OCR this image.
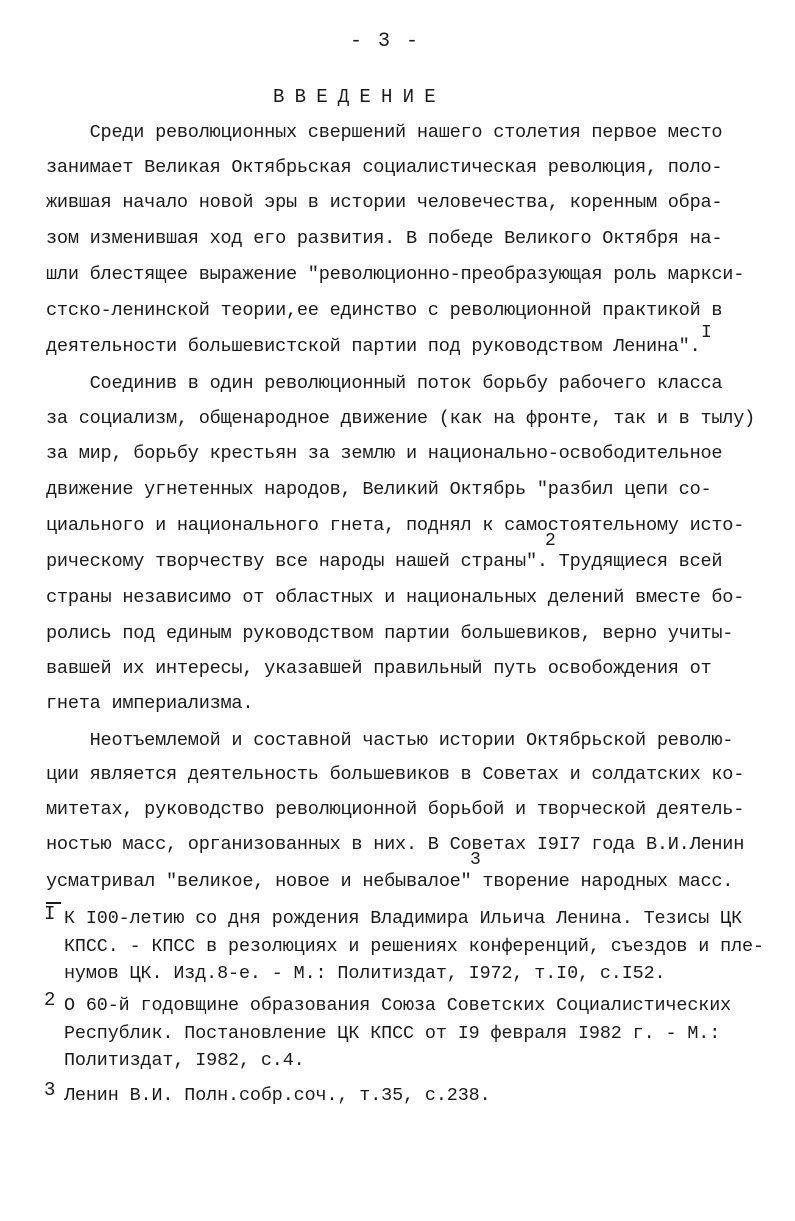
- 3 -
ВВЕДЕНИЕ
Среди революционных свершений нашего столетия первое место
занимает Великая Октябрьская социалистическая революция, поло-
жившая начало новой эры в истории человечества, коренным обра-
зом изменившая ход его развития. В победе Великого Октября на-
шли блестящее выражение "революционно-преобразующая роль маркси-
стско-ленинской теории,ее единство с революционной практикой в
деятельности большевистской партии под руководством Ленина".
I
Соединив в один революционный поток борьбу рабочего класса
за социализм, общенародное движение (как на фронте, так и в тылу)
за мир, борьбу крестьян за землю и национально-освободительное
движение угнетенных народов, Великий Октябрь "разбил цепи со-
циального и национального гнета, поднял к самостоятельному исто-
2
рическому творчеству все народы нашей страны". Трудящиеся всей
страны независимо от областных и национальных делений вместе бо-
ролись под единым руководством партии большевиков, верно учиты-
вавшей их интересы, указавшей правильный путь освобождения от
гнета империализма.
Неотъемлемой и составной частью истории Октябрьской револю-
ции является деятельность большевиков в Советах и солдатских ко-
митетах, руководство революционной борьбой и творческой деятель-
ностью масс, организованных в них. В Советах I9I7 года В.И.Ленин
3
усматривал "великое, новое и небывалое" творение народных масс.
I К I00-летию со дня рождения Владимира Ильича Ленина. Тезисы ЦК
КПСС. - КПСС в резолюциях и решениях конференций, съездов и пле-
нумов ЦК. Изд.8-е. - М.: Политиздат, I972, т.I0, с.I52.
2 О 60-й годовщине образования Союза Советских Социалистических
Республик. Постановление ЦК КПСС от I9 февраля I982 г. - М.:
Политиздат, I982, с.4.
3 Ленин В.И. Полн.собр.соч., т.35, с.238.
